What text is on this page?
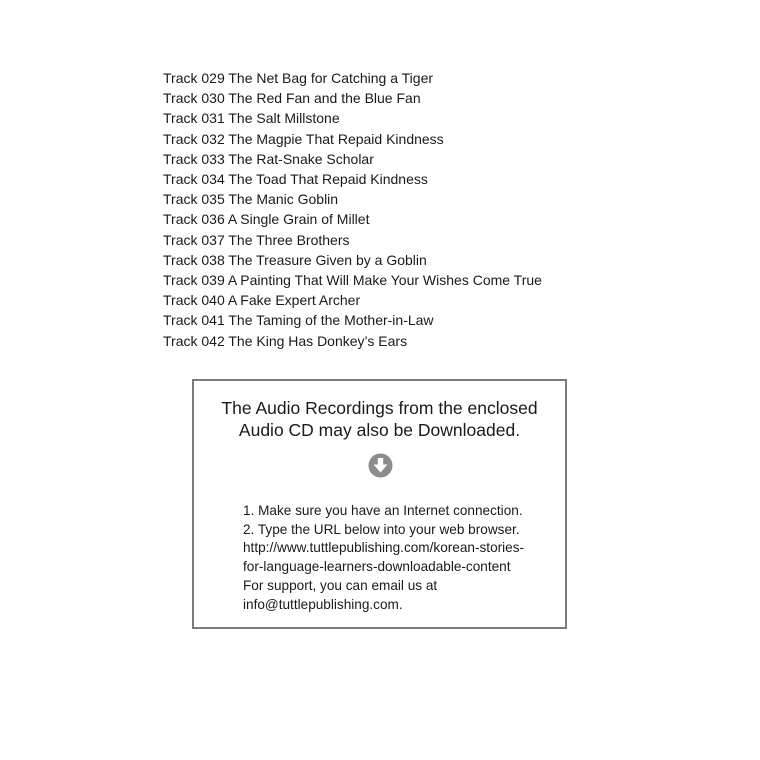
Track 029 The Net Bag for Catching a Tiger
Track 030 The Red Fan and the Blue Fan
Track 031 The Salt Millstone
Track 032 The Magpie That Repaid Kindness
Track 033 The Rat-Snake Scholar
Track 034 The Toad That Repaid Kindness
Track 035 The Manic Goblin
Track 036 A Single Grain of Millet
Track 037 The Three Brothers
Track 038 The Treasure Given by a Goblin
Track 039 A Painting That Will Make Your Wishes Come True
Track 040 A Fake Expert Archer
Track 041 The Taming of the Mother-in-Law
Track 042 The King Has Donkey’s Ears
The Audio Recordings from the enclosed
Audio CD may also be Downloaded.
1. Make sure you have an Internet connection.
2. Type the URL below into your web browser.
http://www.tuttlepublishing.com/korean-stories-
for-language-learners-downloadable-content
For support, you can email us at
info@tuttlepublishing.com.
